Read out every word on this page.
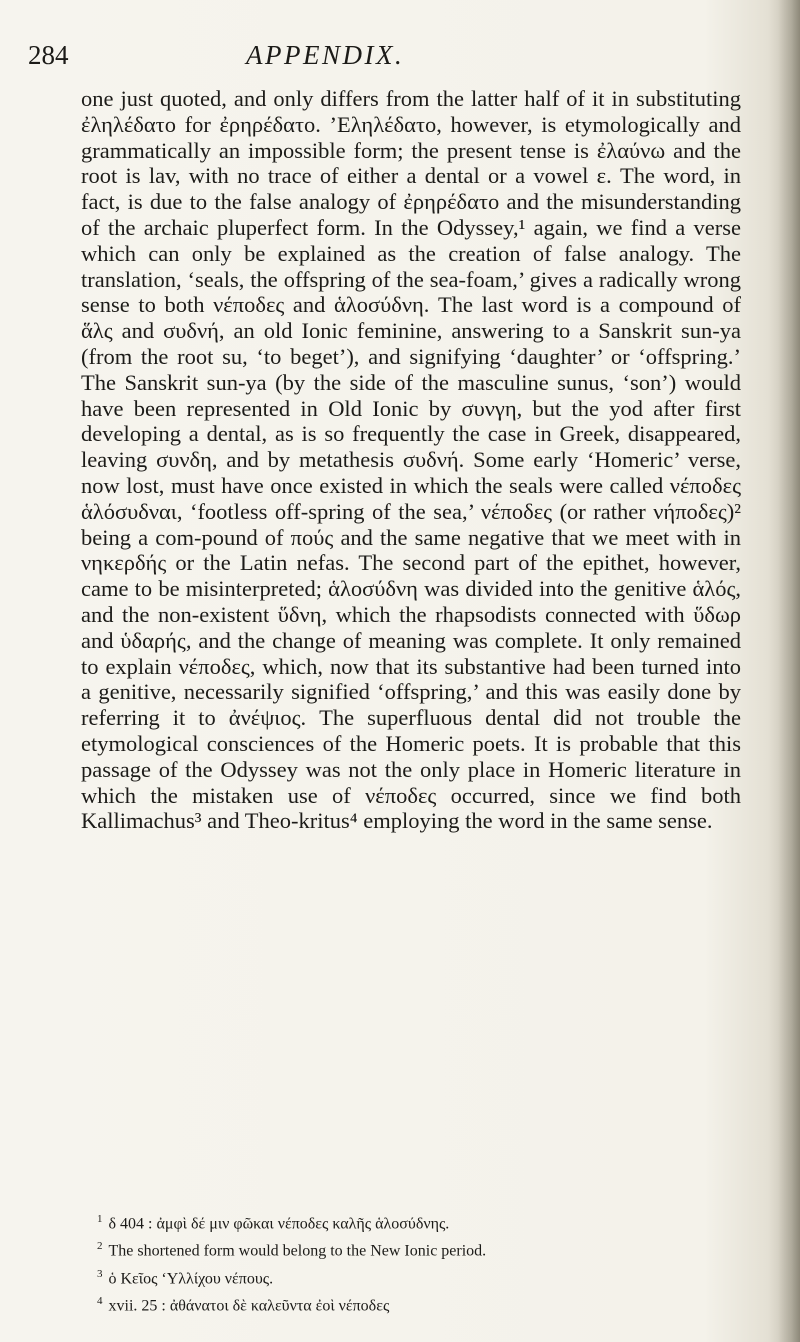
284	APPENDIX.

one just quoted, and only differs from the latter half of it in substituting ἐληλέδατο for ἐρηρέδατο. ’Εληλέδατο, however, is etymologically and grammatically an impossible form; the present tense is ἐλαύνω and the root is lav, with no trace of either a dental or a vowel ε. The word, in fact, is due to the false analogy of ἐρηρέδατο and the misunderstanding of the archaic pluperfect form. In the Odyssey,¹ again, we find a verse which can only be explained as the creation of false analogy. The translation, ‘seals, the offspring of the sea-foam,’ gives a radically wrong sense to both νέποδες and ἁλοσύδνη. The last word is a compound of ἅλς and συδνή, an old Ionic feminine, answering to a Sanskrit sun-ya (from the root su, ‘to beget’), and signifying ‘daughter’ or ‘offspring.’ The Sanskrit sun-ya (by the side of the masculine sunus, ‘son’) would have been represented in Old Ionic by συνγη, but the yod after first developing a dental, as is so frequently the case in Greek, disappeared, leaving συνδη, and by metathesis συδνή. Some early ‘Homeric’ verse, now lost, must have once existed in which the seals were called νέποδες ἁλόσυδναι, ‘footless off-spring of the sea,’ νέποδες (or rather νήποδες)² being a com-pound of πούς and the same negative that we meet with in νηκερδής or the Latin nefas. The second part of the epithet, however, came to be misinterpreted; ἁλοσύδνη was divided into the genitive ἁλός, and the non-existent ὕδνη, which the rhapsodists connected with ὕδωρ and ὑδαρής, and the change of meaning was complete. It only remained to explain νέποδες, which, now that its substantive had been turned into a genitive, necessarily signified ‘offspring,’ and this was easily done by referring it to ἀνέψιος. The superfluous dental did not trouble the etymological consciences of the Homeric poets. It is probable that this passage of the Odyssey was not the only place in Homeric literature in which the mistaken use of νέποδες occurred, since we find both Kallimachus³ and Theo-kritus⁴ employing the word in the same sense.

$^1$ δ 404 : ἀμφὶ δέ μιν φῶκαι νέποδες καλῆς ἁλοσύδνης.
$^2$ The shortened form would belong to the New Ionic period.
$^3$ ὁ Κεῖος ‘Υλλίχου νέπους.
$^4$ xvii. 25 : ἀθάνατοι δὲ καλεῦντα ἐοὶ νέποδες
